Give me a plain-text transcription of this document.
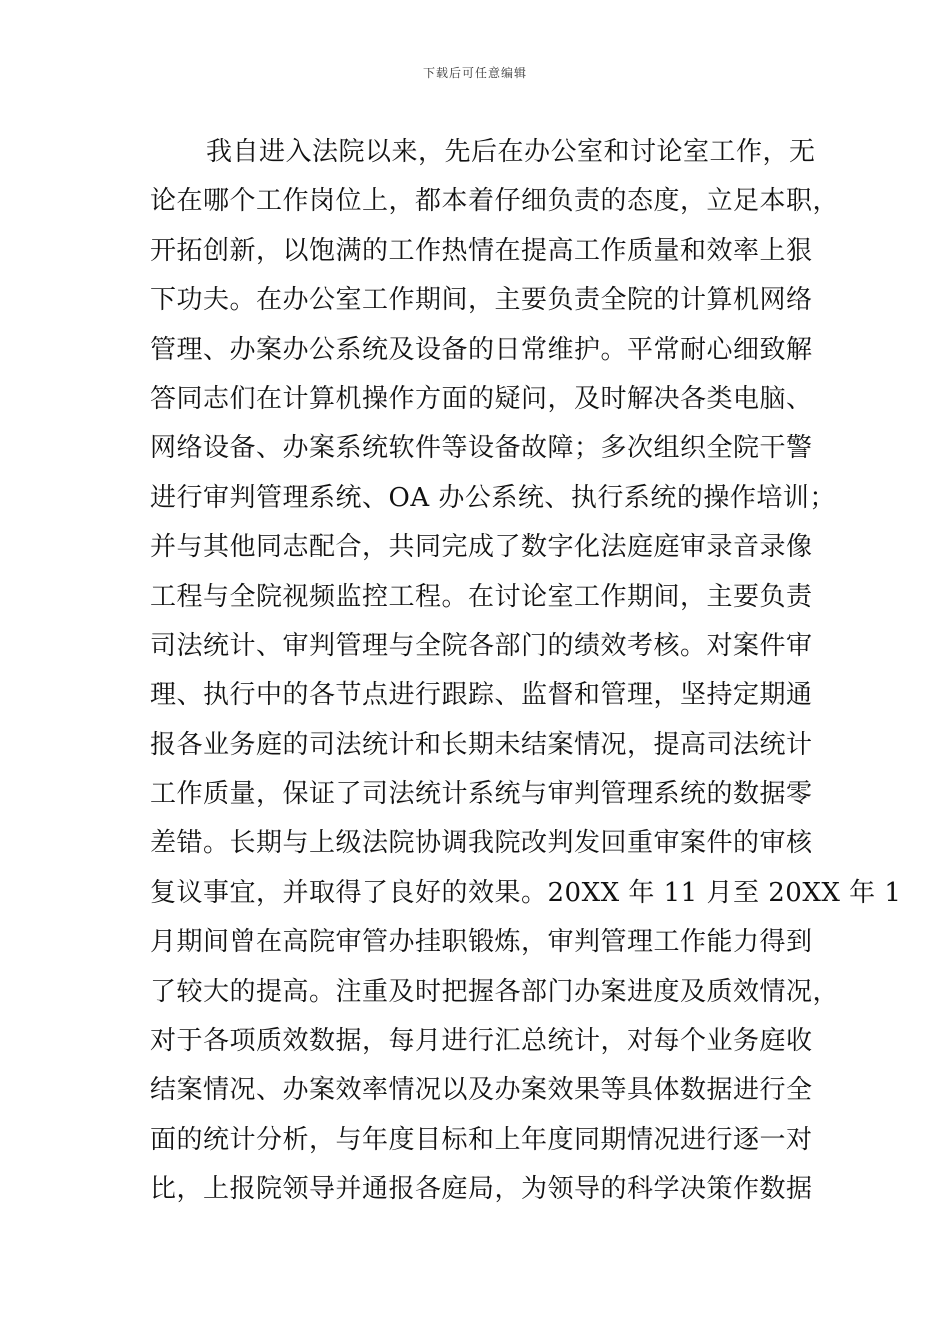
下载后可任意编辑
我自进入法院以来，先后在办公室和讨论室工作，无
论在哪个工作岗位上，都本着仔细负责的态度，立足本职，
开拓创新，以饱满的工作热情在提高工作质量和效率上狠
下功夫。在办公室工作期间，主要负责全院的计算机网络
管理、办案办公系统及设备的日常维护。平常耐心细致解
答同志们在计算机操作方面的疑问，及时解决各类电脑、
网络设备、办案系统软件等设备故障；多次组织全院干警
进行审判管理系统、OA 办公系统、执行系统的操作培训；
并与其他同志配合，共同完成了数字化法庭庭审录音录像
工程与全院视频监控工程。在讨论室工作期间，主要负责
司法统计、审判管理与全院各部门的绩效考核。对案件审
理、执行中的各节点进行跟踪、监督和管理，坚持定期通
报各业务庭的司法统计和长期未结案情况，提高司法统计
工作质量，保证了司法统计系统与审判管理系统的数据零
差错。长期与上级法院协调我院改判发回重审案件的审核
复议事宜，并取得了良好的效果。20XX 年 11 月至 20XX 年 1
月期间曾在高院审管办挂职锻炼，审判管理工作能力得到
了较大的提高。注重及时把握各部门办案进度及质效情况，
对于各项质效数据，每月进行汇总统计，对每个业务庭收
结案情况、办案效率情况以及办案效果等具体数据进行全
面的统计分析，与年度目标和上年度同期情况进行逐一对
比，上报院领导并通报各庭局，为领导的科学决策作数据
